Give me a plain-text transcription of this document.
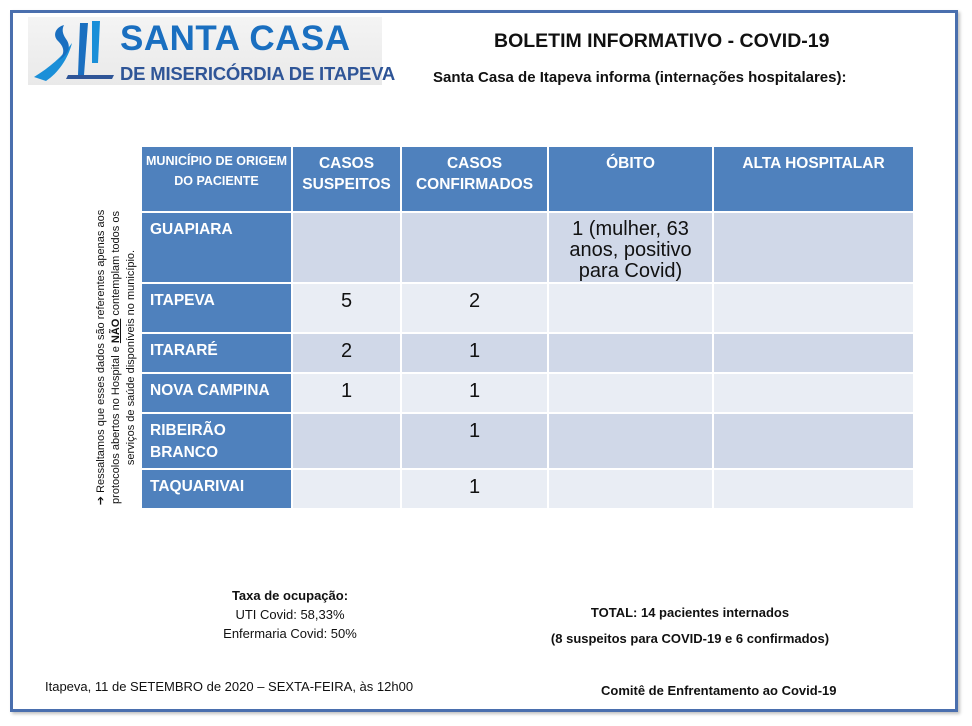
SANTA CASA
DE MISERICÓRDIA DE ITAPEVA
BOLETIM INFORMATIVO - COVID-19
Santa Casa de Itapeva informa (internações hospitalares):
➔ Ressaltamos que esses dados são referentes apenas aos protocolos abertos no Hospital e NÃO contemplam todos os serviços de saúde disponíveis no município.
MUNICÍPIO DE ORIGEM DO PACIENTE	CASOS SUSPEITOS	CASOS CONFIRMADOS	ÓBITO	ALTA HOSPITALAR
GUAPIARA			1 (mulher, 63 anos, positivo para Covid)	
ITAPEVA	5	2		
ITARARÉ	2	1		
NOVA CAMPINA	1	1		
RIBEIRÃO BRANCO		1		
TAQUARIVAI		1		
Taxa de ocupação:
UTI Covid: 58,33%
Enfermaria Covid: 50%
TOTAL: 14 pacientes internados
(8 suspeitos para COVID-19 e 6 confirmados)
Itapeva, 11 de SETEMBRO de 2020 – SEXTA-FEIRA, às 12h00	Comitê de Enfrentamento ao Covid-19
